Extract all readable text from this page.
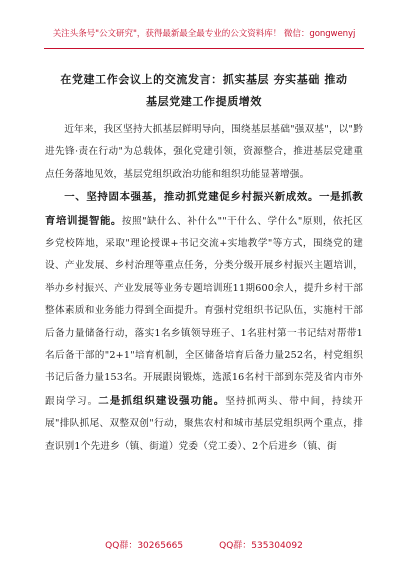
关注头条号"公文研究"，获得最新最全最专业的公文资料库！ 微信：gongwenyj
在党建工作会议上的交流发言：抓实基层 夯实基础 推动
基层党建工作提质增效

近年来，我区坚持大抓基层鲜明导向，围绕基层基础"强双基"，以"黔进先锋·责在行动"为总载体，强化党建引领，资源整合，推进基层党建重点任务落地见效，基层党组织政治功能和组织功能显著增强。

一、坚持固本强基，推动抓党建促乡村振兴新成效。一是抓教育培训提智能。按照"缺什么、补什么""干什么、学什么"原则，依托区乡党校阵地，采取"理论授课+书记交流+实地教学"等方式，围绕党的建设、产业发展、乡村治理等重点任务，分类分级开展乡村振兴主题培训，举办乡村振兴、产业发展等业务专题培训班11期600余人，提升乡村干部整体素质和业务能力得到全面提升。育强村党组织书记队伍，实施村干部后备力量储备行动，落实1名乡镇领导班子、1名驻村第一书记结对帮带1名后备干部的"2+1"培育机制，全区储备培育后备力量252名，村党组织书记后备力量153名。开展跟岗锻炼，选派16名村干部到东莞及省内市外跟岗学习。二是抓组织建设强功能。坚持抓两头、带中间，持续开展"排队抓尾、双整双创"行动，聚焦农村和城市基层党组织两个重点，排查识别1个先进乡（镇、街道）党委（党工委）、2个后进乡（镇、街

QQ群：30265665	QQ群：535304092
